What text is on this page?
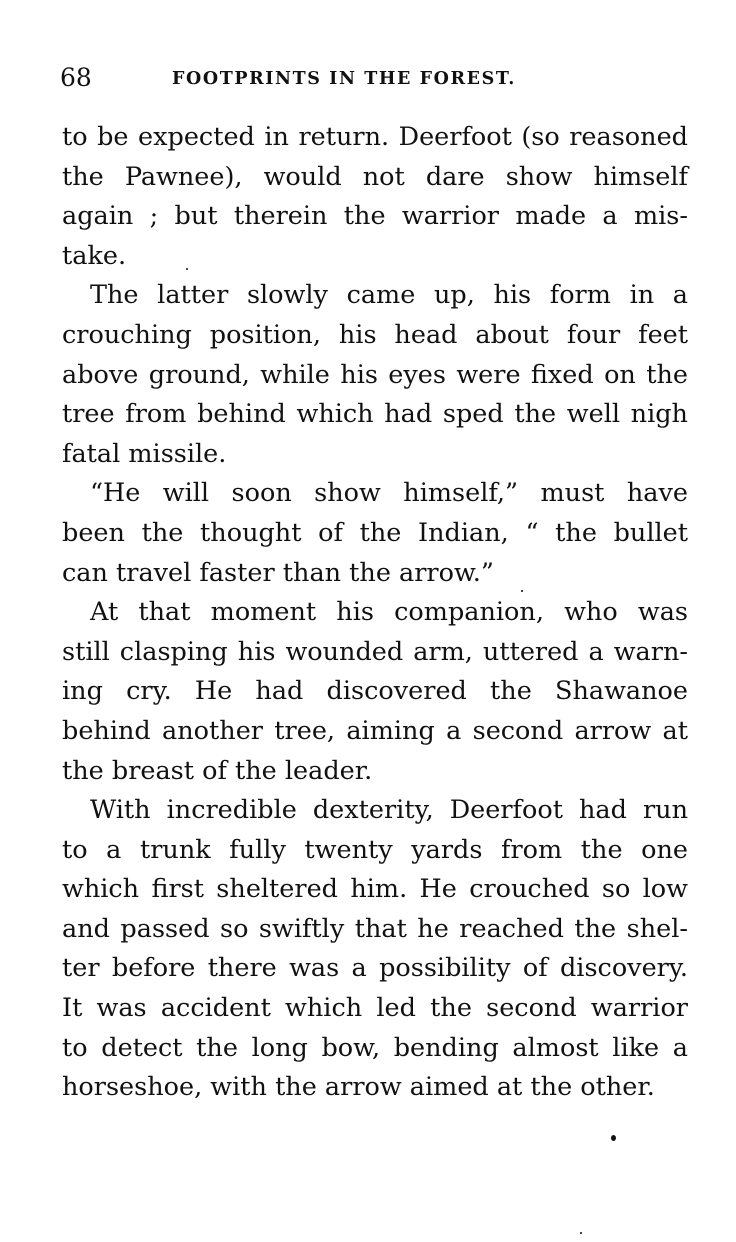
68	FOOTPRINTS IN THE FOREST.
to be expected in return. Deerfoot (so reasoned
the Pawnee), would not dare show himself
again ; but therein the warrior made a mis-
take.
The latter slowly came up, his form in a
crouching position, his head about four feet
above ground, while his eyes were fixed on the
tree from behind which had sped the well nigh
fatal missile.
“He will soon show himself,” must have
been the thought of the Indian, “ the bullet
can travel faster than the arrow.”
At that moment his companion, who was
still clasping his wounded arm, uttered a warn-
ing cry. He had discovered the Shawanoe
behind another tree, aiming a second arrow at
the breast of the leader.
With incredible dexterity, Deerfoot had run
to a trunk fully twenty yards from the one
which first sheltered him. He crouched so low
and passed so swiftly that he reached the shel-
ter before there was a possibility of discovery.
It was accident which led the second warrior
to detect the long bow, bending almost like a
horseshoe, with the arrow aimed at the other.
